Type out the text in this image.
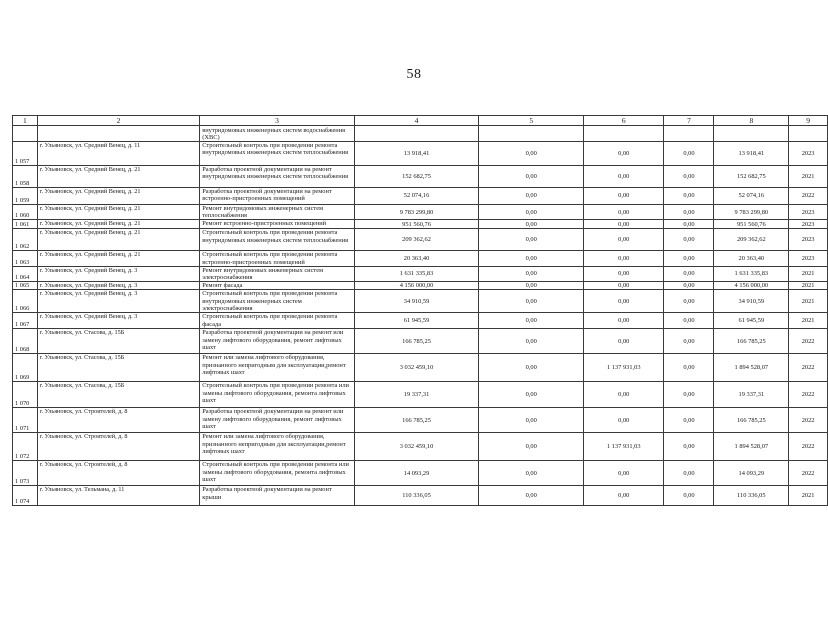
58
1	2	3	4	5	6	7	8	9
		внутридомовых инженерных систем водоснабжения (ХВС)						
1 057	г. Ульяновск, ул. Средний Венец, д. 11	Строительный контроль при проведении ремонта внутридомовых инженерных систем теплоснабжения	13 918,41	0,00	0,00	0,00	13 918,41	2023
1 058	г. Ульяновск, ул. Средний Венец, д. 21	Разработка проектной документации на ремонт внутридомовых инженерных систем теплоснабжения	152 682,75	0,00	0,00	0,00	152 682,75	2021
1 059	г. Ульяновск, ул. Средний Венец, д. 21	Разработка проектной документации на ремонт встроенно-пристроенных помещений	52 074,16	0,00	0,00	0,00	52 074,16	2022
1 060	г. Ульяновск, ул. Средний Венец, д. 21	Ремонт внутридомовых инженерных систем теплоснабжения	9 783 299,80	0,00	0,00	0,00	9 783 299,80	2023
1 061	г. Ульяновск, ул. Средний Венец, д. 21	Ремонт встроенно-пристроенных помещений	951 560,76	0,00	0,00	0,00	951 560,76	2023
1 062	г. Ульяновск, ул. Средний Венец, д. 21	Строительный контроль при проведении ремонта внутридомовых инженерных систем теплоснабжения	209 362,62	0,00	0,00	0,00	209 362,62	2023
1 063	г. Ульяновск, ул. Средний Венец, д. 21	Строительный контроль при проведении ремонта встроенно-пристроенных помещений	20 363,40	0,00	0,00	0,00	20 363,40	2023
1 064	г. Ульяновск, ул. Средний Венец, д. 3	Ремонт внутридомовых инженерных систем электроснабжения	1 631 335,83	0,00	0,00	0,00	1 631 335,83	2021
1 065	г. Ульяновск, ул. Средний Венец, д. 3	Ремонт фасада	4 156 000,00	0,00	0,00	0,00	4 156 000,00	2021
1 066	г. Ульяновск, ул. Средний Венец, д. 3	Строительный контроль при проведении ремонта внутридомовых инженерных систем электроснабжения	34 910,59	0,00	0,00	0,00	34 910,59	2021
1 067	г. Ульяновск, ул. Средний Венец, д. 3	Строительный контроль при проведении ремонта фасада	61 945,59	0,00	0,00	0,00	61 945,59	2021
1 068	г. Ульяновск, ул. Стасова, д. 15Б	Разработка проектной документации на ремонт или замену лифтового оборудования, ремонт лифтовых шахт	166 785,25	0,00	0,00	0,00	166 785,25	2022
1 069	г. Ульяновск, ул. Стасова, д. 15Б	Ремонт или замена лифтового оборудования, признанного непригодным для эксплуатации,ремонт лифтовых шахт	3 032 459,10	0,00	1 137 931,03	0,00	1 894 528,07	2022
1 070	г. Ульяновск, ул. Стасова, д. 15Б	Строительный контроль при проведении ремонта или замены лифтового оборудования, ремонта лифтовых шахт	19 337,31	0,00	0,00	0,00	19 337,31	2022
1 071	г. Ульяновск, ул. Строителей, д. 8	Разработка проектной документации на ремонт или замену лифтового оборудования, ремонт лифтовых шахт	166 785,25	0,00	0,00	0,00	166 785,25	2022
1 072	г. Ульяновск, ул. Строителей, д. 8	Ремонт или замена лифтового оборудования, признанного непригодным для эксплуатации,ремонт лифтовых шахт	3 032 459,10	0,00	1 137 931,03	0,00	1 894 528,07	2022
1 073	г. Ульяновск, ул. Строителей, д. 8	Строительный контроль при проведении ремонта или замены лифтового оборудования, ремонта лифтовых шахт	14 093,29	0,00	0,00	0,00	14 093,29	2022
1 074	г. Ульяновск, ул. Тельмана, д. 11	Разработка проектной документации на ремонт крыши	110 336,05	0,00	0,00	0,00	110 336,05	2021
